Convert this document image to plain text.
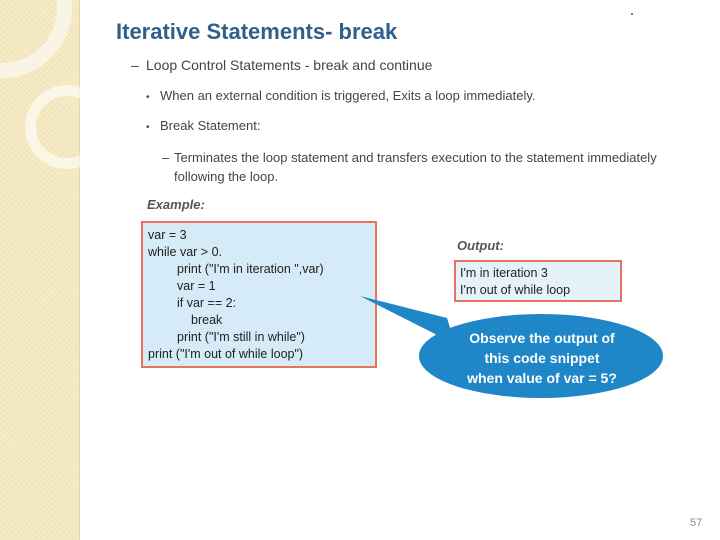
Iterative Statements- break
– Loop Control Statements - break and continue
• When an external condition is triggered, Exits a loop immediately.
• Break Statement:
– Terminates the loop statement and transfers execution to the statement immediately following the loop.
Example:
var = 3
while var > 0.
print ("I'm in iteration ",var)
var = 1
if var == 2:
break
print ("I'm still in while")
print ("I'm out of while loop")
Output:
I'm in iteration 3
I'm out of while loop
Observe the output of
this code snippet
when value of var = 5?
57
